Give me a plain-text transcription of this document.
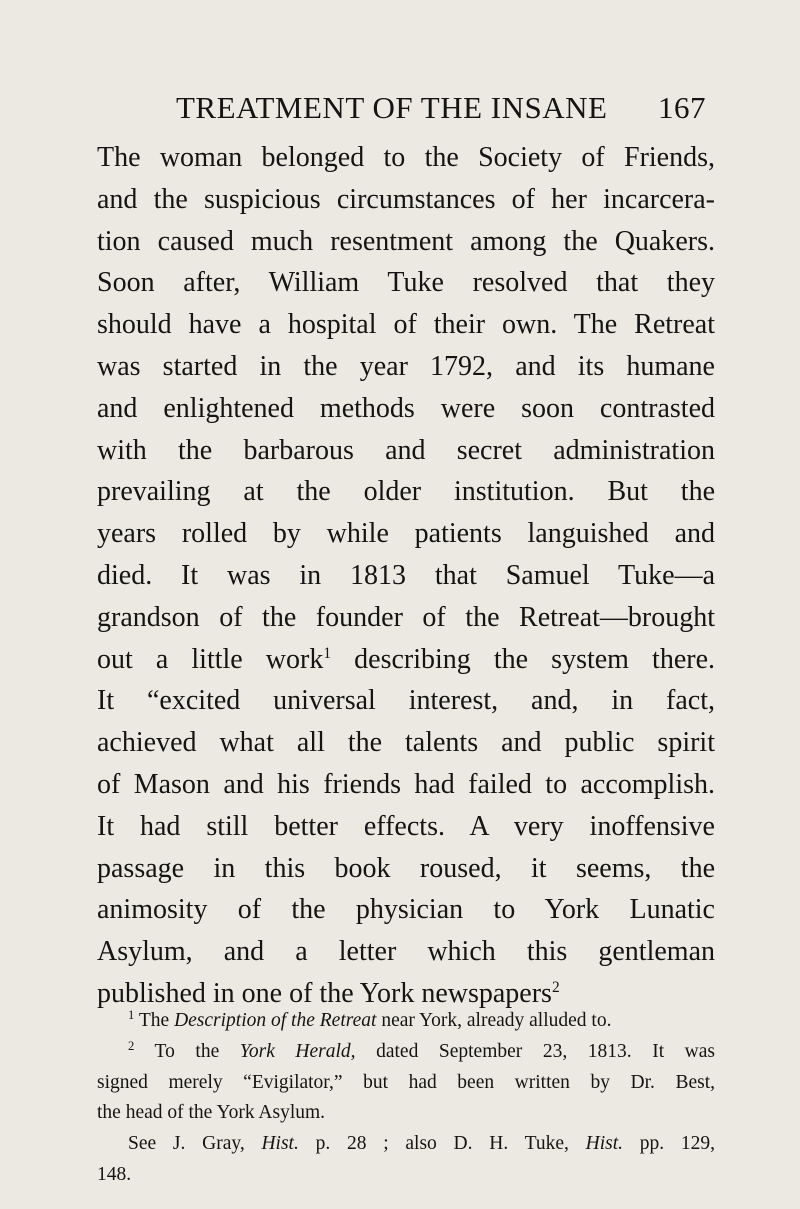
TREATMENT OF THE INSANE 167
The woman belonged to the Society of Friends,
and the suspicious circumstances of her incarcera-
tion caused much resentment among the Quakers.
Soon after, William Tuke resolved that they
should have a hospital of their own. The Retreat
was started in the year 1792, and its humane
and enlightened methods were soon contrasted
with the barbarous and secret administration
prevailing at the older institution. But the
years rolled by while patients languished and
died. It was in 1813 that Samuel Tuke—a
grandson of the founder of the Retreat—brought
out a little work$^1$ describing the system there.
It “excited universal interest, and, in fact,
achieved what all the talents and public spirit
of Mason and his friends had failed to accomplish.
It had still better effects. A very inoffensive
passage in this book roused, it seems, the
animosity of the physician to York Lunatic
Asylum, and a letter which this gentleman
published in one of the York newspapers$^2$
$^1$ The Description of the Retreat near York, already alluded to.
$^2$ To the York Herald, dated September 23, 1813. It was
signed merely “Evigilator,” but had been written by Dr. Best,
the head of the York Asylum.
See J. Gray, Hist. p. 28 ; also D. H. Tuke, Hist. pp. 129,
148.
